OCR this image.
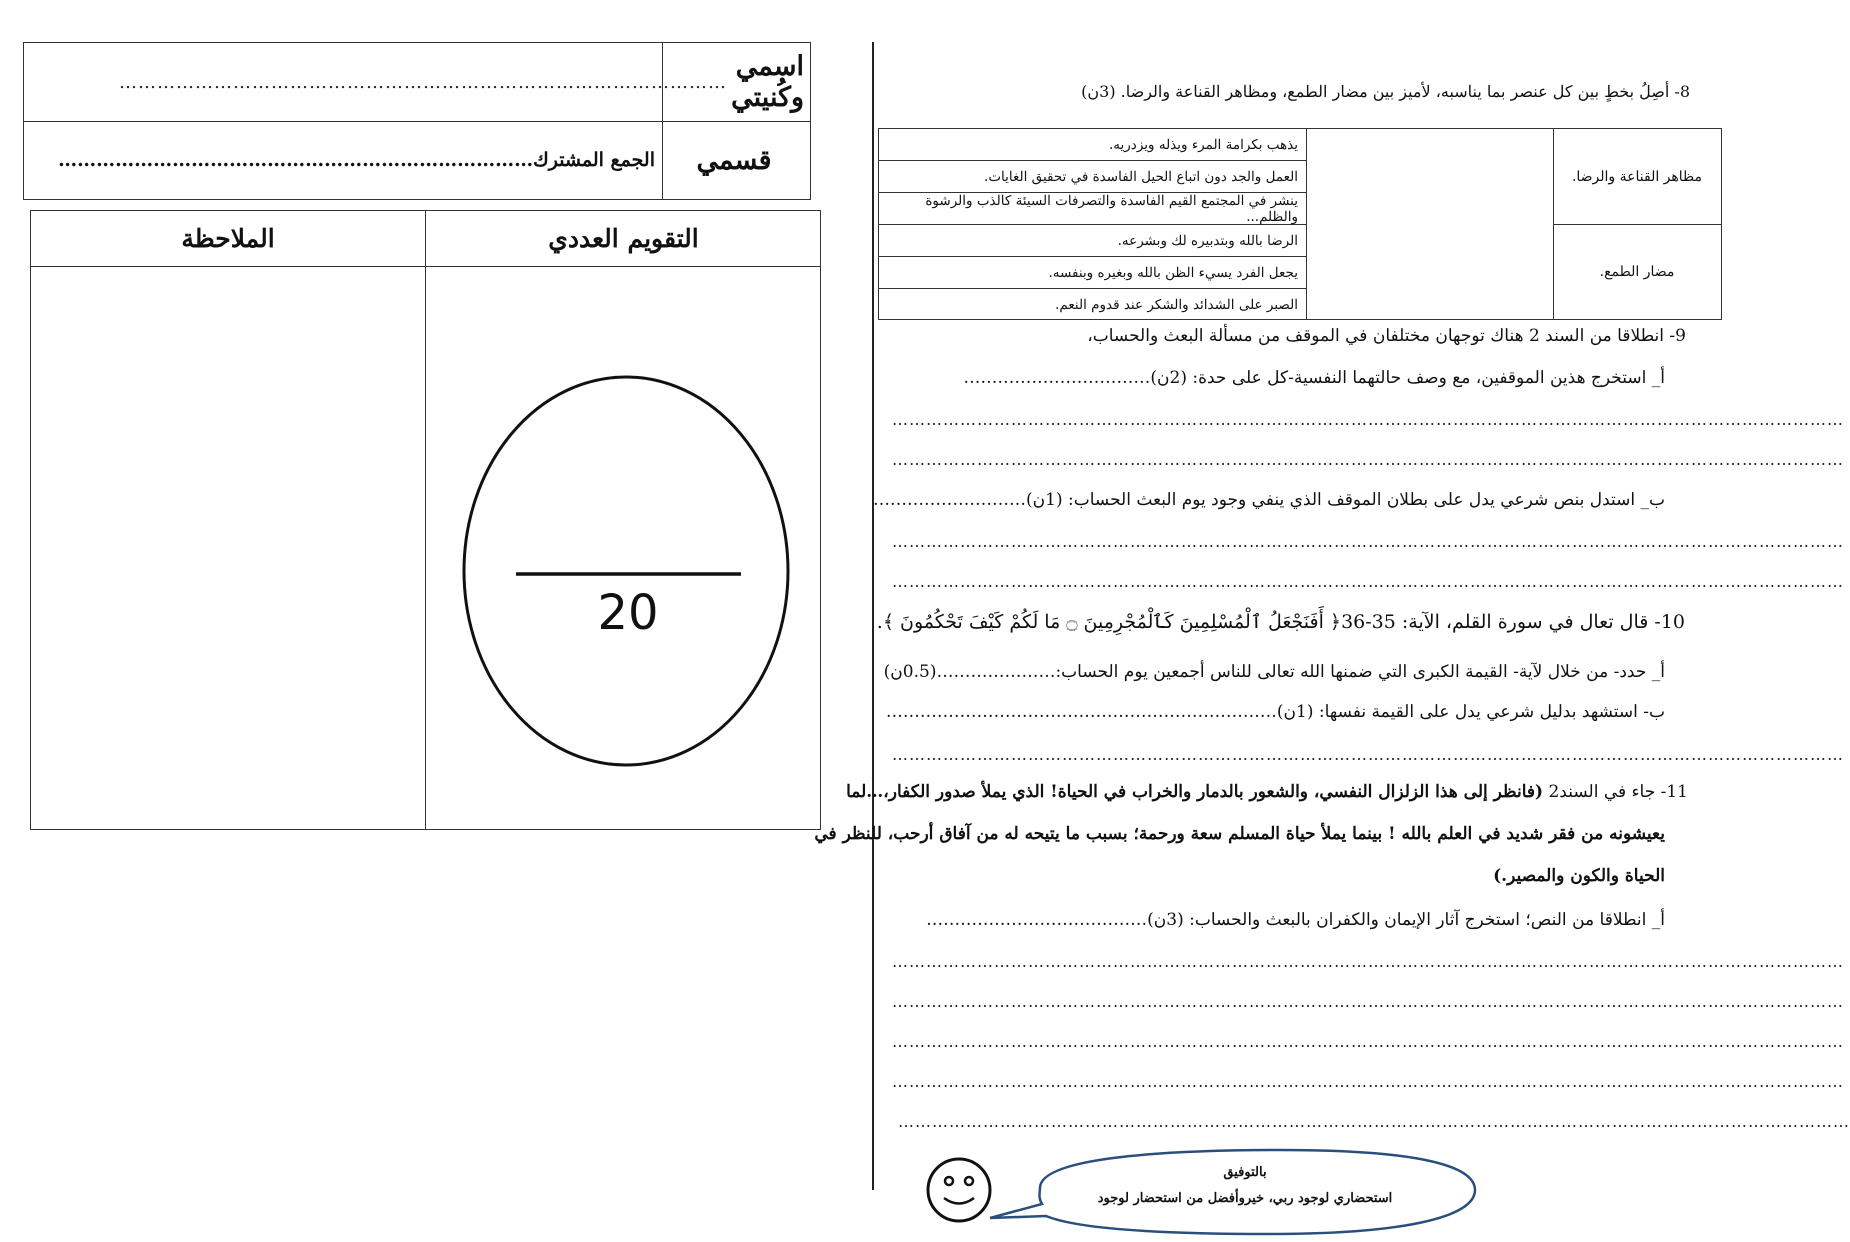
اسمي وكُنيتي
……………………………………………………………………………………
قسمي
الجمع المشترك…………………………………………………………………
الملاحظة	التقويم العددي
20
8- أصِلُ بخطٍ بين كل عنصر بما يناسبه، لأميز بين مضار الطمع، ومظاهر القناعة والرضا. (3ن)
يذهب بكرامة المرء ويذله ويزدريه.
العمل والجد دون اتباع الحيل الفاسدة في تحقيق الغايات.
ينشر في المجتمع القيم الفاسدة والتصرفات السيئة كالذب والرشوة والظلم...
الرضا بالله وبتدبيره لك وبشرعه.
يجعل الفرد يسيء الظن بالله وبغيره وبنفسه.
الصبر على الشدائد والشكر عند قدوم النعم.
مظاهر القناعة والرضا.
مضار الطمع.
9- انطلاقا من السند 2 هناك توجهان مختلفان في الموقف من مسألة البعث والحساب،
أ_ استخرج هذين الموقفين، مع وصف حالتهما النفسية-كل على حدة: (2ن)……………………………
……………………………………………………………………………………………………………………………………………………
……………………………………………………………………………………………………………………………………………………
ب_ استدل بنص شرعي يدل على بطلان الموقف الذي ينفي وجود يوم البعث الحساب: (1ن)………………………
……………………………………………………………………………………………………………………………………………………
……………………………………………………………………………………………………………………………………………………
10- قال تعال في سورة القلم، الآية: 35-36﴿ أَفَنَجْعَلُ ٱلْمُسْلِمِينَ كَٱلْمُجْرِمِينَ ۝ مَا لَكُمْ كَيْفَ تَحْكُمُونَ ﴾.
أ_ حدد- من خلال لآية- القيمة الكبرى التي ضمنها الله تعالى للناس أجمعين يوم الحساب:…………………(0.5ن)
ب- استشهد بدليل شرعي يدل على القيمة نفسها: (1ن)……………………………………………………………
……………………………………………………………………………………………………………………………………………………
11- جاء في السند2 (فانظر إلى هذا الزلزال النفسي، والشعور بالدمار والخراب في الحياة! الذي يملأ صدور الكفار،…لما
يعيشونه من فقر شديد في العلم بالله ! بينما يملأ حياة المسلم سعة ورحمة؛ بسبب ما يتيحه له من آفاق أرحب، للنظر في
الحياة والكون والمصير.)
أ_ انطلاقا من النص؛ استخرج آثار الإيمان والكفران بالبعث والحساب: (3ن)…………………………………
……………………………………………………………………………………………………………………………………………………
……………………………………………………………………………………………………………………………………………………
……………………………………………………………………………………………………………………………………………………
……………………………………………………………………………………………………………………………………………………
……………………………………………………………………………………………………………………………………………………
بالتوفيق
استحضاري لوجود ربي، خيروأفضل من استحضار لوجود
